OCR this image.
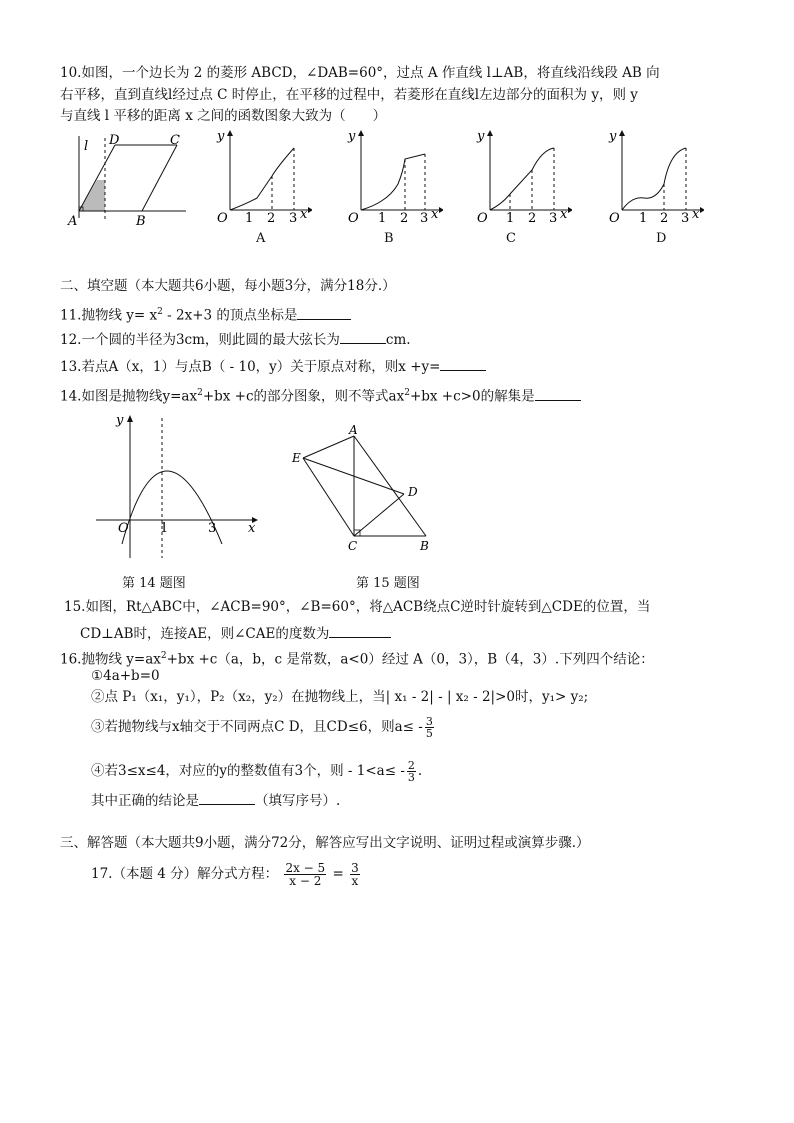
10.如图，一个边长为 2 的菱形 ABCD，∠DAB=60°，过点 A 作直线 l⊥AB，将直线沿线段 AB 向
右平移，直到直线l经过点 C 时停止，在平移的过程中，若菱形在直线l左边部分的面积为 y，则 y
与直线 l 平移的距离 x 之间的函数图象大致为（　　）
l D	C
A	B	O 1 2 3 x
y
A
O 1 2 3 x
y
B
O 1 2 3 x
y
C
O 1 2 3 x
y
D
二、填空题（本大题共6小题，每小题3分，满分18分.）
11.抛物线 $y= x^2 - 2x+3$ 的顶点坐标是
12.一个圆的半径为3cm，则此圆的最大弦长为	cm.
13.若点A（x，1）与点B（ - 10，y）关于原点对称，则x +y=
14.如图是抛物线$y=ax^2+bx +c$的部分图象，则不等式$ax^2+bx +c>0$的解集是
O 1	3 x
y
第 14 题图
A
E
D
C	B
第 15 题图
15.如图，Rt△ABC中，∠ACB=90°，∠B=60°，将△ACB绕点C逆时针旋转到△CDE的位置，当
CD⊥AB时，连接AE，则∠CAE的度数为
16.抛物线 $y=ax^2+bx +c(a$，b，c 是常数，a<0）经过 A（0，3），B（4，3）.下列四个结论：
①4a+b=0
②点 P₁（x₁，y₁），P₂（x₂，y₂）在抛物线上，当| x₁ - 2| - | x₂ - 2|>0时，y₁> y₂;
③若抛物线与x轴交于不同两点C D，且CD≤6，则$a\le - \frac{3}{5}$
④若3≤x≤4，对应的y的整数值有3个，则 - $1<a\le - \frac{2}{3}$ .
其中正确的结论是	（填写序号）.
三、解答题（本大题共9小题，满分72分，解答应写出文字说明、证明过程或演算步骤.）
17.（本题 4 分）解分式方程： $\frac{2x - 5}{x - 2} = \frac{3}{x}$
